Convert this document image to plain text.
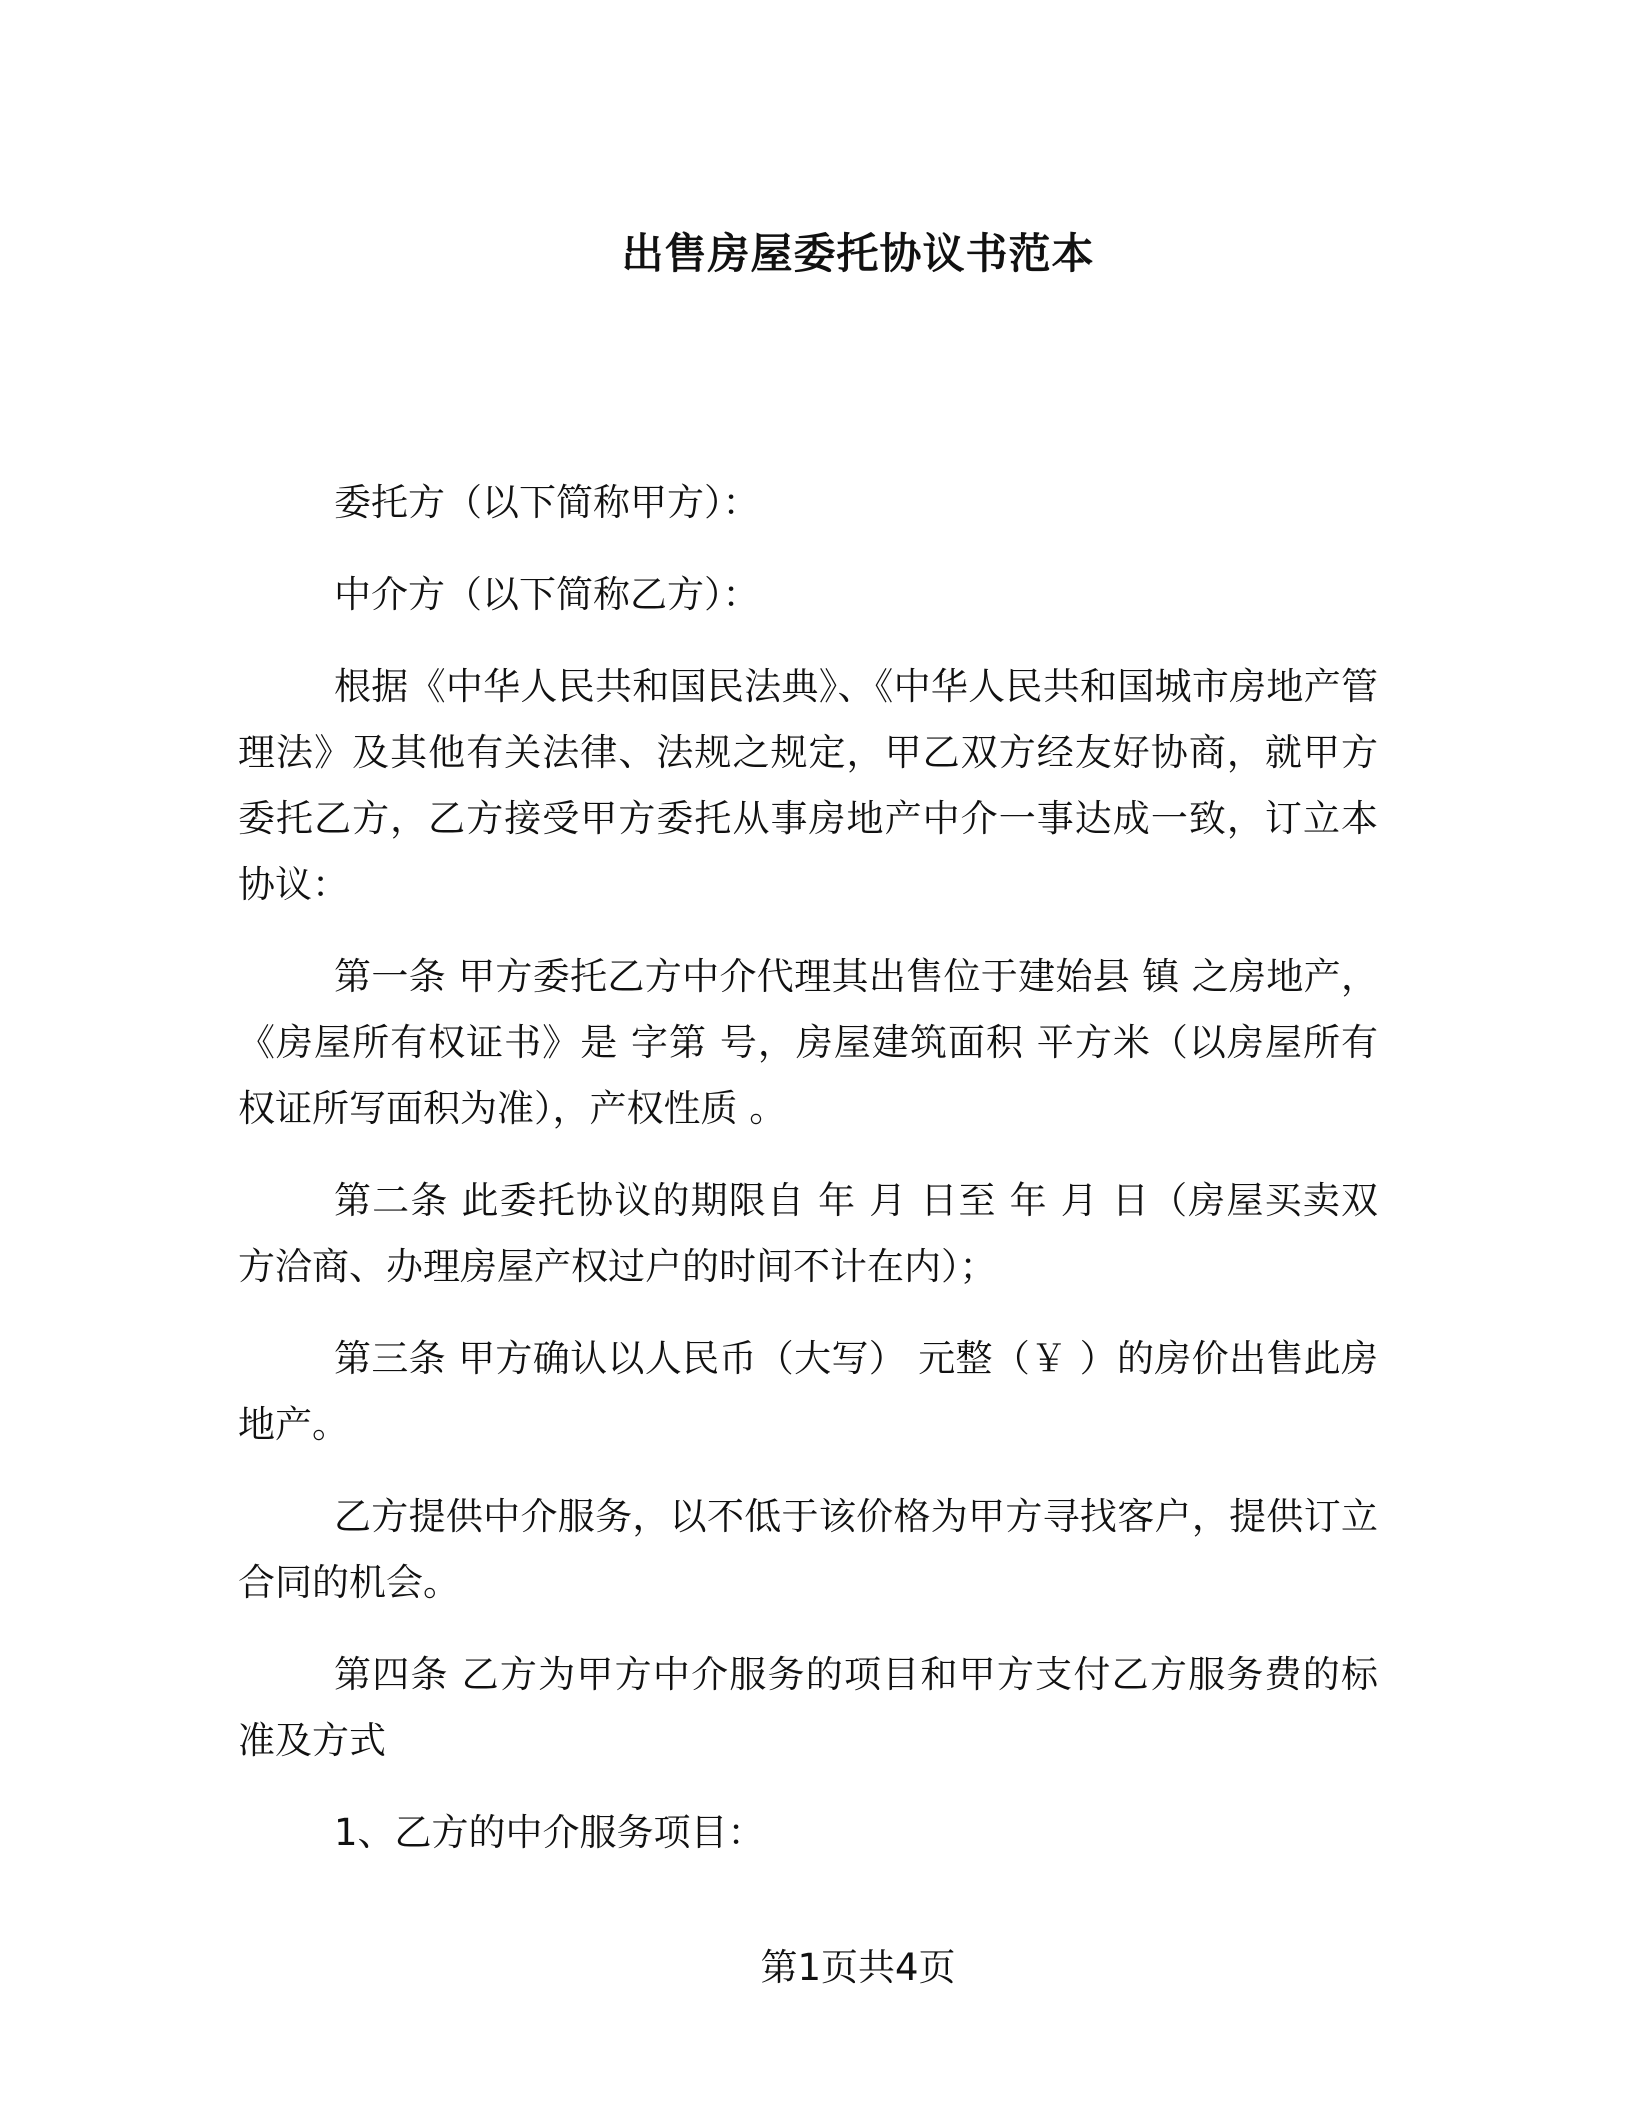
出售房屋委托协议书范本

委托方（以下简称甲方）：

中介方（以下简称乙方）：

根据《中华人民共和国民法典》、《中华人民共和国城市房地产管理法》及其他有关法律、法规之规定，甲乙双方经友好协商，就甲方委托乙方，乙方接受甲方委托从事房地产中介一事达成一致，订立本协议：

第一条 甲方委托乙方中介代理其出售位于建始县 镇 之房地产，《房屋所有权证书》是 字第 号，房屋建筑面积 平方米（以房屋所有权证所写面积为准），产权性质 。

第二条 此委托协议的期限自 年 月 日至 年 月 日（房屋买卖双方洽商、办理房屋产权过户的时间不计在内）；

第三条 甲方确认以人民币（大写） 元整（￥ ）的房价出售此房地产。

乙方提供中介服务，以不低于该价格为甲方寻找客户，提供订立合同的机会。

第四条 乙方为甲方中介服务的项目和甲方支付乙方服务费的标准及方式

1、乙方的中介服务项目：

第1页共4页
